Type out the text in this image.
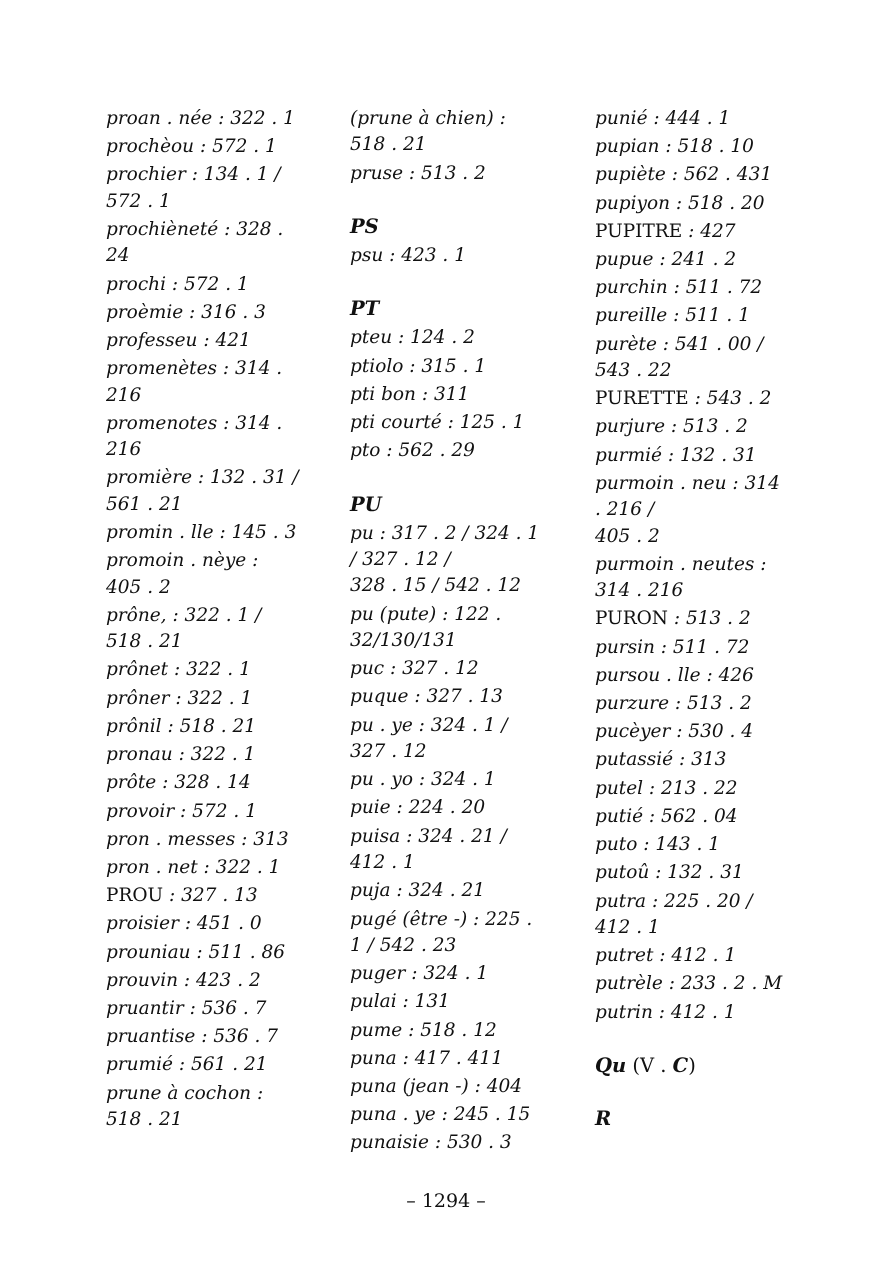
proan . née : 322 . 1
prochèou : 572 . 1
prochier : 134 . 1 /
572 . 1
prochièneté : 328 .
24
prochi : 572 . 1
proèmie : 316 . 3
professeu : 421
promenètes : 314 .
216
promenotes : 314 .
216
promière : 132 . 31 /
561 . 21
promin . lle : 145 . 3
promoin . nèye :
405 . 2
prône, : 322 . 1 /
518 . 21
prônet : 322 . 1
prôner : 322 . 1
prônil : 518 . 21
pronau : 322 . 1
prôte : 328 . 14
provoir : 572 . 1
pron . messes : 313
pron . net : 322 . 1
PROU : 327 . 13
proisier : 451 . 0
prouniau : 511 . 86
prouvin : 423 . 2
pruantir : 536 . 7
pruantise : 536 . 7
prumié : 561 . 21
prune à cochon :
518 . 21
(prune à chien) :
518 . 21
pruse : 513 . 2
PS
psu : 423 . 1
PT
pteu : 124 . 2
ptiolo : 315 . 1
pti bon : 311
pti courté : 125 . 1
pto : 562 . 29
PU
pu : 317 . 2 / 324 . 1
/ 327 . 12 /
328 . 15 / 542 . 12
pu (pute) : 122 .
32/130/131
puc : 327 . 12
puque : 327 . 13
pu . ye : 324 . 1 /
327 . 12
pu . yo : 324 . 1
puie : 224 . 20
puisa : 324 . 21 /
412 . 1
puja : 324 . 21
pugé (être -) : 225 .
1 / 542 . 23
puger : 324 . 1
pulai : 131
pume : 518 . 12
puna : 417 . 411
puna (jean -) : 404
puna . ye : 245 . 15
punaisie : 530 . 3
punié : 444 . 1
pupian : 518 . 10
pupiète : 562 . 431
pupiyon : 518 . 20
PUPITRE : 427
pupue : 241 . 2
purchin : 511 . 72
pureille : 511 . 1
purète : 541 . 00 /
543 . 22
PURETTE : 543 . 2
purjure : 513 . 2
purmié : 132 . 31
purmoin . neu : 314
. 216 /
405 . 2
purmoin . neutes :
314 . 216
PURON : 513 . 2
pursin : 511 . 72
pursou . lle : 426
purzure : 513 . 2
pucèyer : 530 . 4
putassié : 313
putel : 213 . 22
putié : 562 . 04
puto : 143 . 1
putoû : 132 . 31
putra : 225 . 20 /
412 . 1
putret : 412 . 1
putrèle : 233 . 2 . M
putrin : 412 . 1
Qu (V . C)
R
– 1294 –
